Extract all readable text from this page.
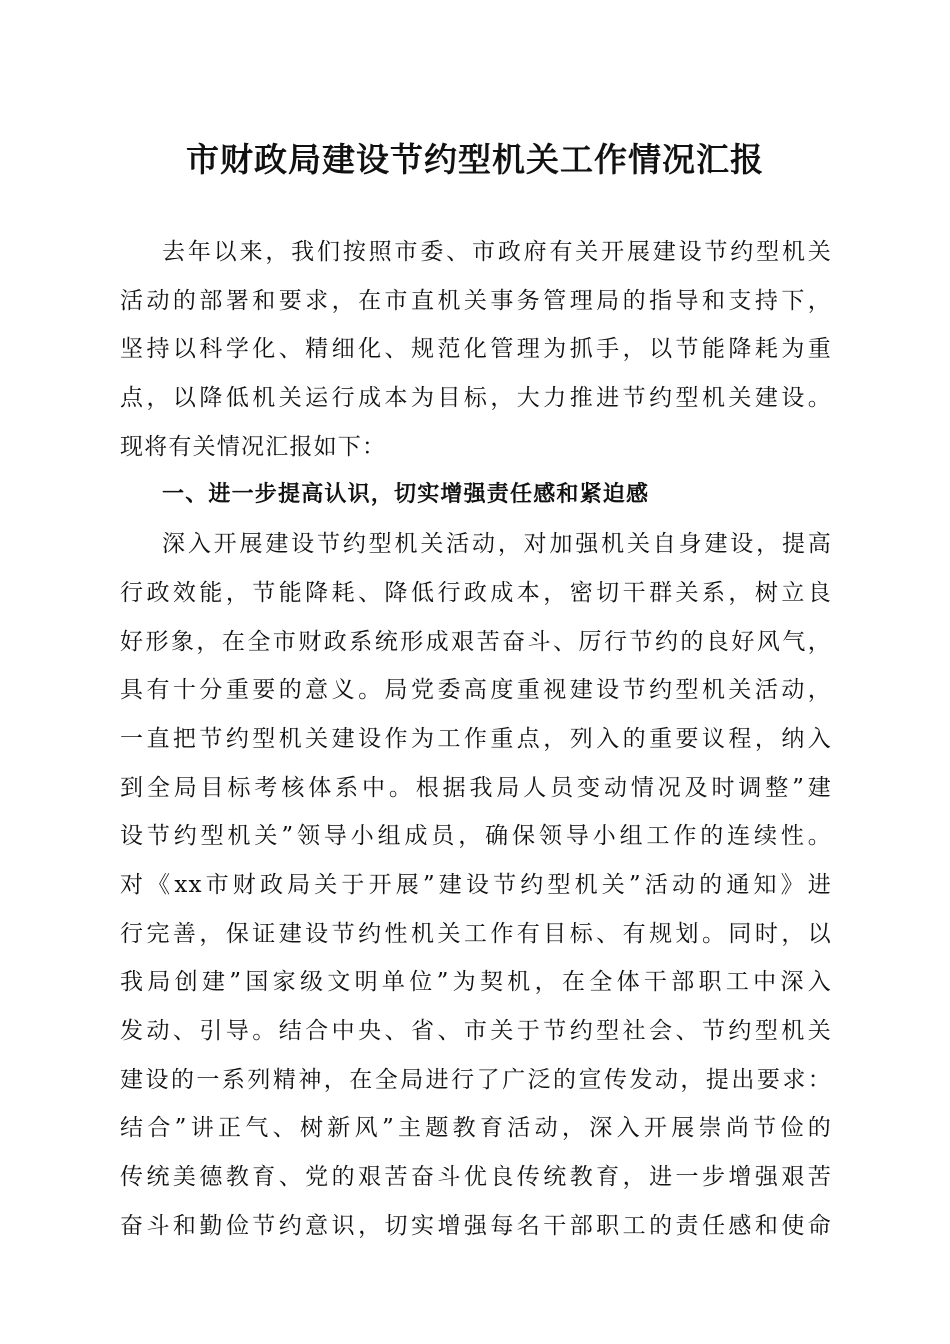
市财政局建设节约型机关工作情况汇报
去年以来，我们按照市委、市政府有关开展建设节约型机关
活动的部署和要求，在市直机关事务管理局的指导和支持下，
坚持以科学化、精细化、规范化管理为抓手，以节能降耗为重
点，以降低机关运行成本为目标，大力推进节约型机关建设。
现将有关情况汇报如下：
一、进一步提高认识，切实增强责任感和紧迫感
深入开展建设节约型机关活动，对加强机关自身建设，提高
行政效能，节能降耗、降低行政成本，密切干群关系，树立良
好形象，在全市财政系统形成艰苦奋斗、厉行节约的良好风气，
具有十分重要的意义。局党委高度重视建设节约型机关活动，
一直把节约型机关建设作为工作重点，列入的重要议程，纳入
到全局目标考核体系中。根据我局人员变动情况及时调整”建
设节约型机关”领导小组成员，确保领导小组工作的连续性。
对《xx市财政局关于开展”建设节约型机关”活动的通知》进
行完善，保证建设节约性机关工作有目标、有规划。同时，以
我局创建”国家级文明单位”为契机，在全体干部职工中深入
发动、引导。结合中央、省、市关于节约型社会、节约型机关
建设的一系列精神，在全局进行了广泛的宣传发动，提出要求：
结合”讲正气、树新风”主题教育活动，深入开展崇尚节俭的
传统美德教育、党的艰苦奋斗优良传统教育，进一步增强艰苦
奋斗和勤俭节约意识，切实增强每名干部职工的责任感和使命
